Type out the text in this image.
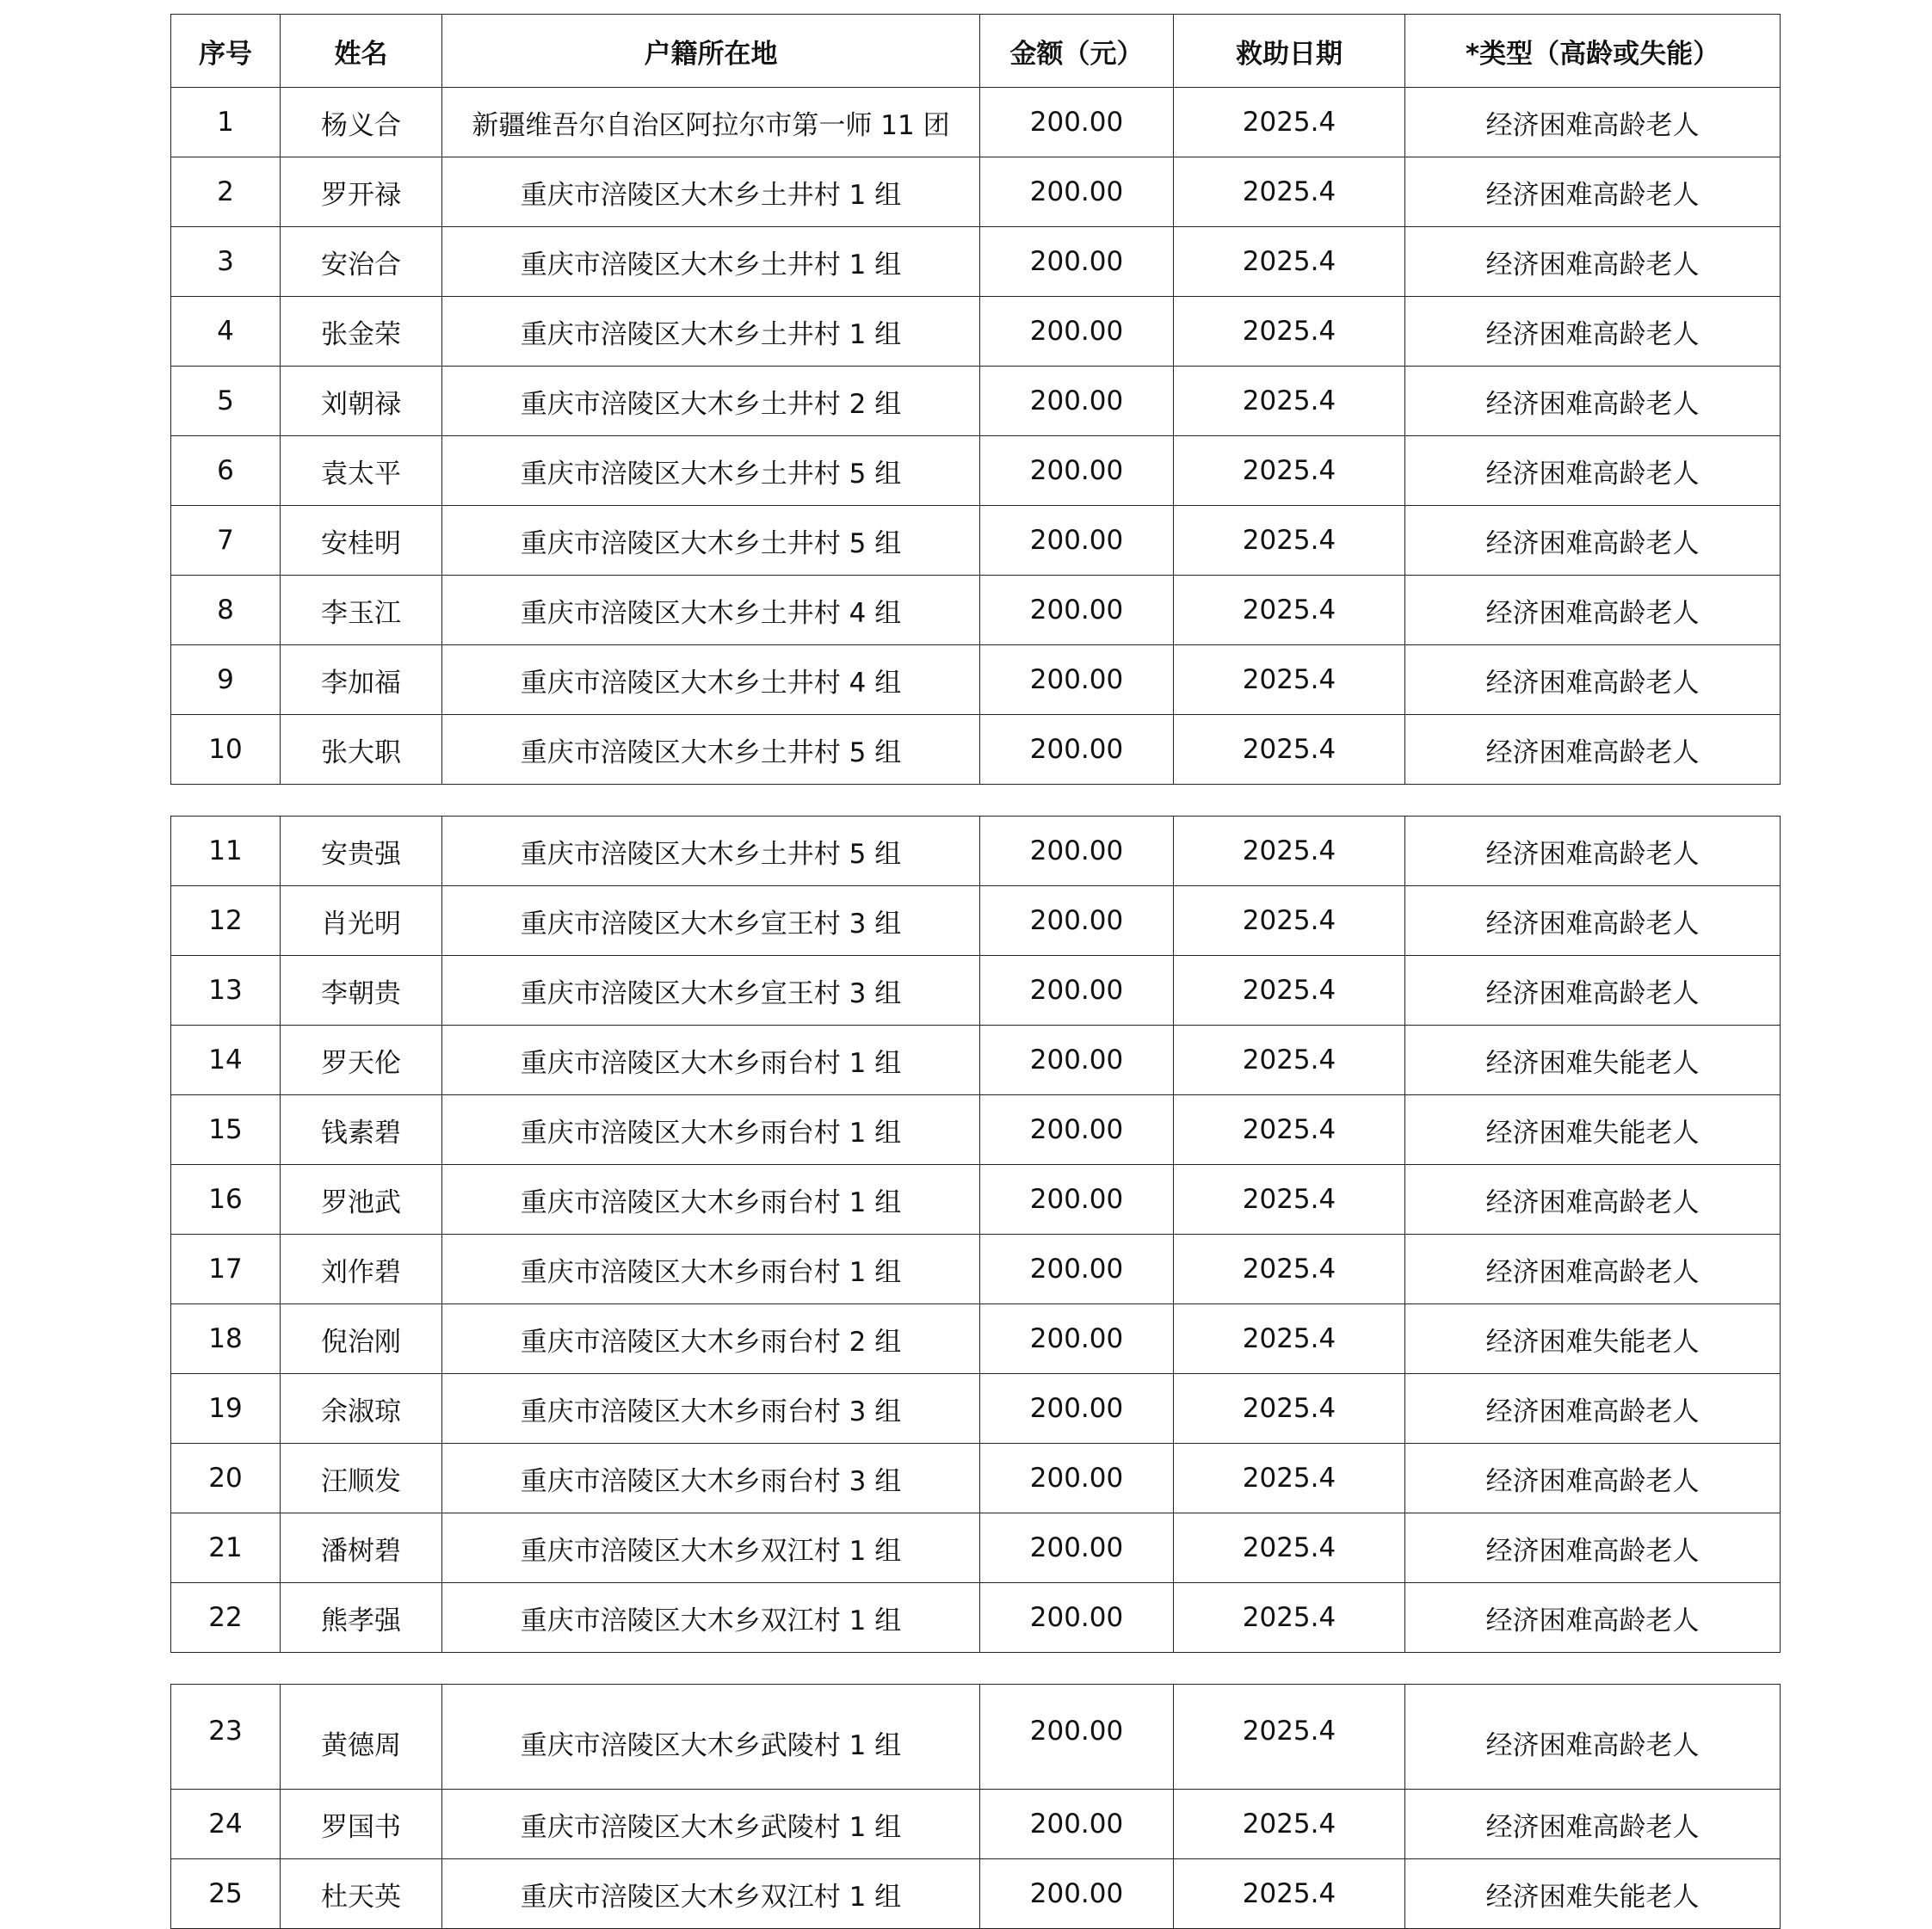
序号	姓名	户籍所在地	金额（元）	救助日期	*类型（高龄或失能）
1	杨义合	新疆维吾尔自治区阿拉尔市第一师 11 团	200.00	2025.4	经济困难高龄老人
2	罗开禄	重庆市涪陵区大木乡土井村 1 组	200.00	2025.4	经济困难高龄老人
3	安治合	重庆市涪陵区大木乡土井村 1 组	200.00	2025.4	经济困难高龄老人
4	张金荣	重庆市涪陵区大木乡土井村 1 组	200.00	2025.4	经济困难高龄老人
5	刘朝禄	重庆市涪陵区大木乡土井村 2 组	200.00	2025.4	经济困难高龄老人
6	袁太平	重庆市涪陵区大木乡土井村 5 组	200.00	2025.4	经济困难高龄老人
7	安桂明	重庆市涪陵区大木乡土井村 5 组	200.00	2025.4	经济困难高龄老人
8	李玉江	重庆市涪陵区大木乡土井村 4 组	200.00	2025.4	经济困难高龄老人
9	李加福	重庆市涪陵区大木乡土井村 4 组	200.00	2025.4	经济困难高龄老人
10	张大职	重庆市涪陵区大木乡土井村 5 组	200.00	2025.4	经济困难高龄老人
11	安贵强	重庆市涪陵区大木乡土井村 5 组	200.00	2025.4	经济困难高龄老人
12	肖光明	重庆市涪陵区大木乡宣王村 3 组	200.00	2025.4	经济困难高龄老人
13	李朝贵	重庆市涪陵区大木乡宣王村 3 组	200.00	2025.4	经济困难高龄老人
14	罗天伦	重庆市涪陵区大木乡雨台村 1 组	200.00	2025.4	经济困难失能老人
15	钱素碧	重庆市涪陵区大木乡雨台村 1 组	200.00	2025.4	经济困难失能老人
16	罗池武	重庆市涪陵区大木乡雨台村 1 组	200.00	2025.4	经济困难高龄老人
17	刘作碧	重庆市涪陵区大木乡雨台村 1 组	200.00	2025.4	经济困难高龄老人
18	倪治刚	重庆市涪陵区大木乡雨台村 2 组	200.00	2025.4	经济困难失能老人
19	余淑琼	重庆市涪陵区大木乡雨台村 3 组	200.00	2025.4	经济困难高龄老人
20	汪顺发	重庆市涪陵区大木乡雨台村 3 组	200.00	2025.4	经济困难高龄老人
21	潘树碧	重庆市涪陵区大木乡双江村 1 组	200.00	2025.4	经济困难高龄老人
22	熊孝强	重庆市涪陵区大木乡双江村 1 组	200.00	2025.4	经济困难高龄老人
23	黄德周	重庆市涪陵区大木乡武陵村 1 组	200.00	2025.4	经济困难高龄老人
24	罗国书	重庆市涪陵区大木乡武陵村 1 组	200.00	2025.4	经济困难高龄老人
25	杜天英	重庆市涪陵区大木乡双江村 1 组	200.00	2025.4	经济困难失能老人
